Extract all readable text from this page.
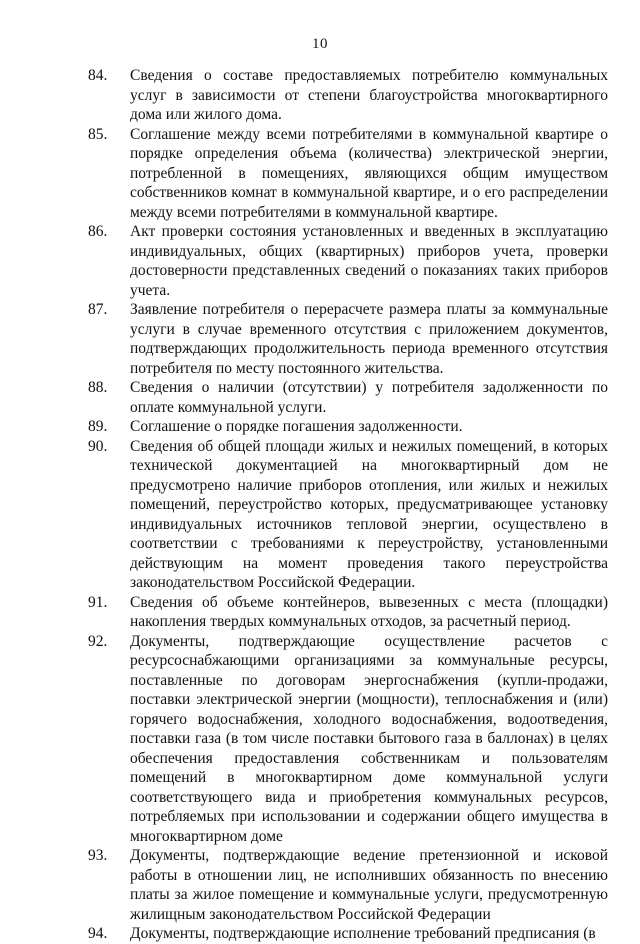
10
84.	Сведения о составе предоставляемых потребителю коммунальных услуг в зависимости от степени благоустройства многоквартирного дома или жилого дома.
85.	Соглашение между всеми потребителями в коммунальной квартире о порядке определения объема (количества) электрической энергии, потребленной в помещениях, являющихся общим имуществом собственников комнат в коммунальной квартире, и о его распределении между всеми потребителями в коммунальной квартире.
86.	Акт проверки состояния установленных и введенных в эксплуатацию индивидуальных, общих (квартирных) приборов учета, проверки достоверности представленных сведений о показаниях таких приборов учета.
87.	Заявление потребителя о перерасчете размера платы за коммунальные услуги в случае временного отсутствия с приложением документов, подтверждающих продолжительность периода временного отсутствия потребителя по месту постоянного жительства.
88.	Сведения о наличии (отсутствии) у потребителя задолженности по оплате коммунальной услуги.
89.	Соглашение о порядке погашения задолженности.
90.	Сведения об общей площади жилых и нежилых помещений, в которых технической документацией на многоквартирный дом не предусмотрено наличие приборов отопления, или жилых и нежилых помещений, переустройство которых, предусматривающее установку индивидуальных источников тепловой энергии, осуществлено в соответствии с требованиями к переустройству, установленными действующим на момент проведения такого переустройства законодательством Российской Федерации.
91.	Сведения об объеме контейнеров, вывезенных с места (площадки) накопления твердых коммунальных отходов, за расчетный период.
92.	Документы, подтверждающие осуществление расчетов с ресурсоснабжающими организациями за коммунальные ресурсы, поставленные по договорам энергоснабжения (купли-продажи, поставки электрической энергии (мощности), теплоснабжения и (или) горячего водоснабжения, холодного водоснабжения, водоотведения, поставки газа (в том числе поставки бытового газа в баллонах) в целях обеспечения предоставления собственникам и пользователям помещений в многоквартирном доме коммунальной услуги соответствующего вида и приобретения коммунальных ресурсов, потребляемых при использовании и содержании общего имущества в многоквартирном доме
93.	Документы, подтверждающие ведение претензионной и исковой работы в отношении лиц, не исполнивших обязанность по внесению платы за жилое помещение и коммунальные услуги, предусмотренную жилищным законодательством Российской Федерации
94.	Документы, подтверждающие исполнение требований предписания (в
